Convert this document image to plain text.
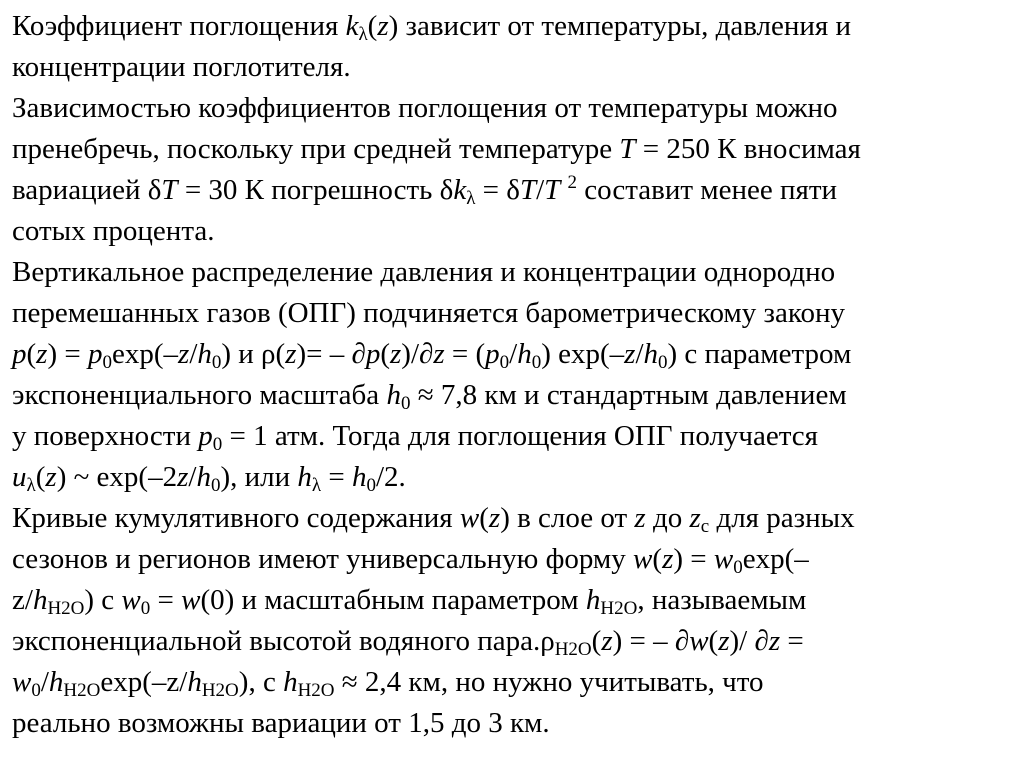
Коэффициент поглощения $k_\lambda(z)$ зависит от температуры, давления и
концентрации поглотителя.
Зависимостью коэффициентов поглощения от температуры можно
пренебречь, поскольку при средней температуре T = 250 К вносимая
вариацией δT = 30 К погрешность $\delta k_\lambda = \delta T/T$ $^2$ составит менее пяти
сотых процента.
Вертикальное распределение давления и концентрации однородно
перемешанных газов (ОПГ) подчиняется барометрическому закону
$p(z) = p_0\exp(-z/h_0)$ и $\rho(z)= - \partial p(z)/\partial z = (p_0/h_0)$ $\exp(-z/h_0)$ с параметром
экспоненциального масштаба $h_0 \approx 7,8$ км и стандартным давлением
у поверхности $p_0 = 1$ атм. Тогда для поглощения ОПГ получается
$u_\lambda(z)$ ~ $\exp(-2z/h_0)$, или $h_\lambda = h_0/2$.
Кривые кумулятивного содержания w(z) в слое от z до $z_с$ для разных
сезонов и регионов имеют универсальную форму $w(z) = w_0\exp(-$
$z/h_{H2O}$) с $w_0 = w(0)$ и масштабным параметром $h_{H2O}$, называемым
экспоненциальной высотой водяного $пара.\rho_{H2O}(z)$ = – ∂w(z)/ ∂z =
$w_0/h_{H2O}\exp(-z/h_{H2O})$, с $h_{H2O} \approx 2,4$ км, но нужно учитывать, что
реально возможны вариации от 1,5 до 3 км.
